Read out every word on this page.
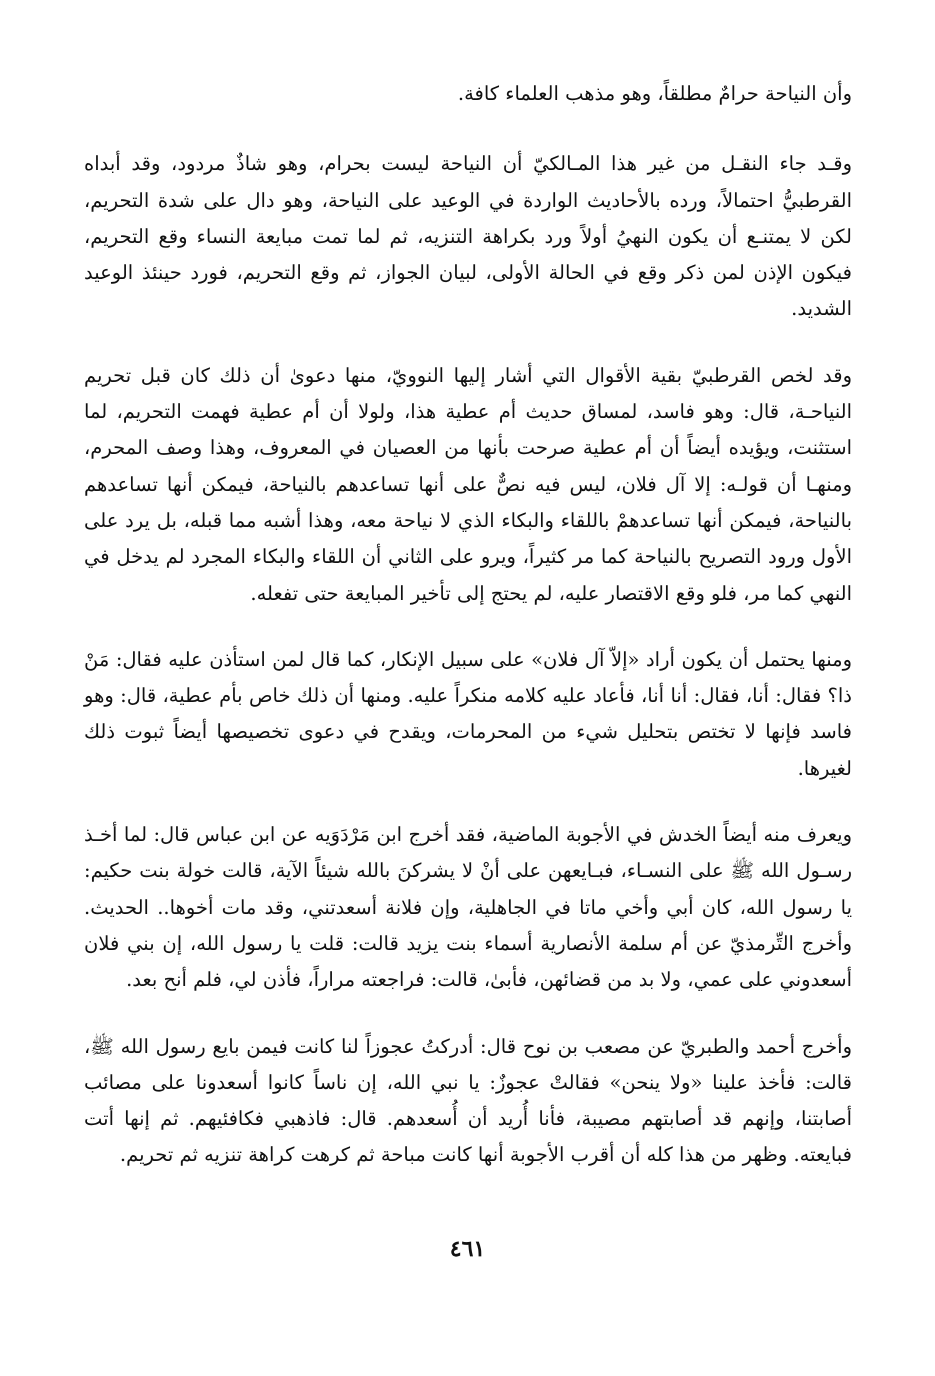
وأن النياحة حرامٌ مطلقاً، وهو مذهب العلماء كافة.

وقـد جاء النقـل من غير هذا المـالكيّ أن النياحة ليست بحرام، وهو شاذٌ مردود، وقد أبداه القرطبيُّ احتمالاً، ورده بالأحاديث الواردة في الوعيد على النياحة، وهو دال على شدة التحريم، لكن لا يمتنـع أن يكون النهيُ أولاً ورد بكراهة التنزيه، ثم لما تمت مبايعة النساء وقع التحريم، فيكون الإذن لمن ذكر وقع في الحالة الأولى، لبيان الجواز، ثم وقع التحريم، فورد حينئذ الوعيد الشديد.

وقد لخص القرطبيّ بقية الأقوال التي أشار إليها النوويّ، منها دعوىٰ أن ذلك كان قبل تحريم النياحـة، قال: وهو فاسد، لمساق حديث أم عطية هذا، ولولا أن أم عطية فهمت التحريم، لما استثنت، ويؤيده أيضاً أن أم عطية صرحت بأنها من العصيان في المعروف، وهذا وصف المحرم، ومنهـا أن قولـه: إلا آل فلان، ليس فيه نصٌّ على أنها تساعدهم بالنياحة، فيمكن أنها تساعدهم بالنياحة، فيمكن أنها تساعدهمْ باللقاء والبكاء الذي لا نياحة معه، وهذا أشبه مما قبله، بل يرد على الأول ورود التصريح بالنياحة كما مر كثيراً، ويرو على الثاني أن اللقاء والبكاء المجرد لم يدخل في النهي كما مر، فلو وقع الاقتصار عليه، لم يحتج إلى تأخير المبايعة حتى تفعله.

ومنها يحتمل أن يكون أراد «إلاّ آل فلان» على سبيل الإنكار، كما قال لمن استأذن عليه فقال: مَنْ ذا؟ فقال: أنا، فقال: أنا أنا، فأعاد عليه كلامه منكراً عليه. ومنها أن ذلك خاص بأم عطية، قال: وهو فاسد فإنها لا تختص بتحليل شيء من المحرمات، ويقدح في دعوى تخصيصها أيضاً ثبوت ذلك لغيرها.

ويعرف منه أيضاً الخدش في الأجوبة الماضية، فقد أخرج ابن مَرْدَوَيه عن ابن عباس قال: لما أخـذ رسـول الله ﷺ على النسـاء، فبـايعهن على أنْ لا يشركنَ بالله شيئاً الآية، قالت خولة بنت حكيم: يا رسول الله، كان أبي وأخي ماتا في الجاهلية، وإن فلانة أسعدتني، وقد مات أخوها.. الحديث. وأخرج التِّرمذيّ عن أم سلمة الأنصارية أسماء بنت يزيد قالت: قلت يا رسول الله، إن بني فلان أسعدوني على عمي، ولا بد من قضائهن، فأبىٰ، قالت: فراجعته مراراً، فأذن لي، فلم أنح بعد.

وأخرج أحمد والطبريّ عن مصعب بن نوح قال: أدركتُ عجوزاً لنا كانت فيمن بايع رسول الله ﷺ، قالت: فأخذ علينا «ولا ينحن» فقالتْ عجوزٌ: يا نبي الله، إن ناساً كانوا أسعدونا على مصائب أصابتنا، وإنهم قد أصابتهم مصيبة، فأنا أُريد أن أُسعدهم. قال: فاذهبي فكافئيهم. ثم إنها أتت فبايعته. وظهر من هذا كله أن أقرب الأجوبة أنها كانت مباحة ثم كرهت كراهة تنزيه ثم تحريم.

٤٦١
